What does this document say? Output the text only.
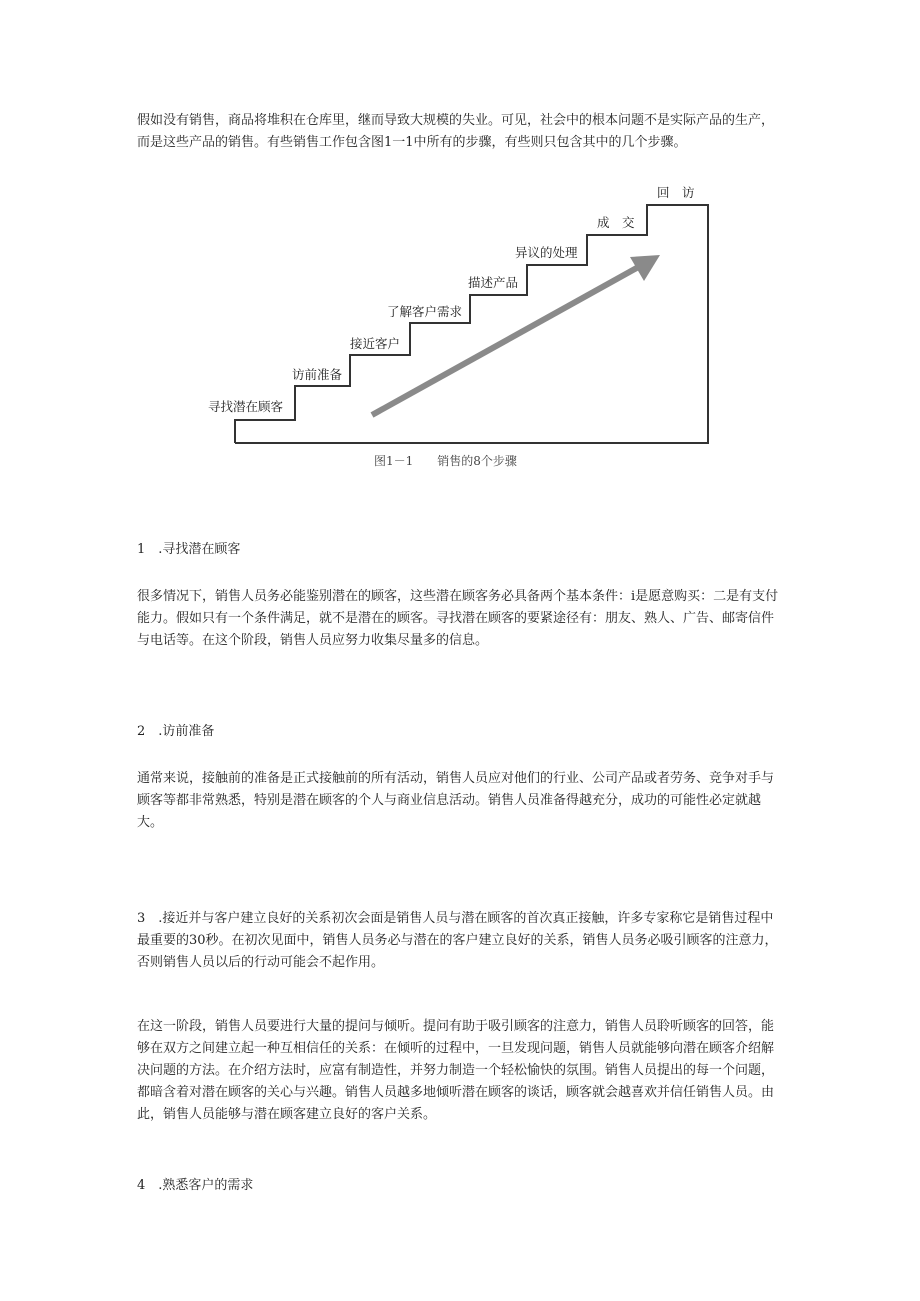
假如没有销售，商品将堆积在仓库里，继而导致大规模的失业。可见，社会中的根本问题不是实际产品的生产，而是这些产品的销售。有些销售工作包含图1一1中所有的步骤，有些则只包含其中的几个步骤。

寻找潜在顾客
访前准备
接近客户
了解客户需求
描述产品
异议的处理
成　交
回　访
图1－1　　销售的8个步骤

1　.寻找潜在顾客

很多情况下，销售人员务必能鉴别潜在的顾客，这些潜在顾客务必具备两个基本条件：i是愿意购买：二是有支付能力。假如只有一个条件满足，就不是潜在的顾客。寻找潜在顾客的要紧途径有：朋友、熟人、广告、邮寄信件与电话等。在这个阶段，销售人员应努力收集尽量多的信息。

2　.访前准备

通常来说，接触前的准备是正式接触前的所有活动，销售人员应对他们的行业、公司产品或者劳务、竞争对手与顾客等都非常熟悉，特别是潜在顾客的个人与商业信息活动。销售人员准备得越充分，成功的可能性必定就越大。

3　.接近并与客户建立良好的关系初次会面是销售人员与潜在顾客的首次真正接触，许多专家称它是销售过程中最重要的30秒。在初次见面中，销售人员务必与潜在的客户建立良好的关系，销售人员务必吸引顾客的注意力，否则销售人员以后的行动可能会不起作用。

在这一阶段，销售人员要进行大量的提问与倾听。提问有助于吸引顾客的注意力，销售人员聆听顾客的回答，能够在双方之间建立起一种互相信任的关系：在倾听的过程中，一旦发现问题，销售人员就能够向潜在顾客介绍解决问题的方法。在介绍方法时，应富有制造性，并努力制造一个轻松愉快的氛围。销售人员提出的每一个问题，都暗含着对潜在顾客的关心与兴趣。销售人员越多地倾听潜在顾客的谈话，顾客就会越喜欢并信任销售人员。由此，销售人员能够与潜在顾客建立良好的客户关系。

4　.熟悉客户的需求
